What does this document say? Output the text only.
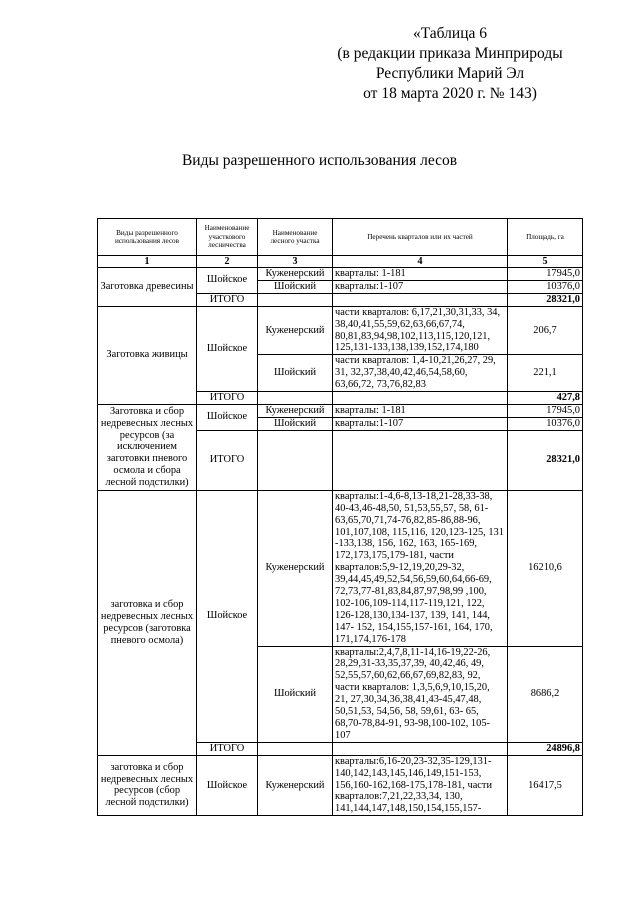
«Таблица 6
(в редакции приказа Минприроды
Республики Марий Эл
от 18 марта 2020 г. № 143)
Виды разрешенного использования лесов
Виды разрешенного использования лесов	Наименование участкового лесничества	Наименование лесного участка	Перечень кварталов или их частей	Площадь, га
1	2	3	4	5
Заготовка древесины	Шойское	Куженерский	кварталы: 1-181	17945,0
		Шойский	кварталы:1-107	10376,0
	ИТОГО			28321,0
Заготовка живицы	Шойское	Куженерский	части кварталов: 6,17,21,30,31,33, 34, 38,40,41,55,59,62,63,66,67,74, 80,81,83,94,98,102,113,115,120,121, 125,131-133,138,139,152,174,180	206,7
		Шойский	части кварталов: 1,4-10,21,26,27, 29, 31, 32,37,38,40,42,46,54,58,60, 63,66,72, 73,76,82,83	221,1
	ИТОГО			427,8
Заготовка и сбор недревесных лесных ресурсов (за исключением заготовки пневого осмола и сбора лесной подстилки)	Шойское	Куженерский	кварталы: 1-181	17945,0
		Шойский	кварталы:1-107	10376,0
	ИТОГО			28321,0
заготовка и сбор недревесных лесных ресурсов (заготовка пневого осмола)	Шойское	Куженерский	кварталы:1-4,6-8,13-18,21-28,33-38, 40-43,46-48,50, 51,53,55,57, 58, 61-63,65,70,71,74-76,82,85-86,88-96, 101,107,108, 115,116, 120,123-125, 131 -133,138, 156, 162, 163, 165-169, 172,173,175,179-181, части кварталов:5,9-12,19,20,29-32, 39,44,45,49,52,54,56,59,60,64,66-69, 72,73,77-81,83,84,87,97,98,99 ,100, 102-106,109-114,117-119,121, 122, 126-128,130,134-137, 139, 141, 144, 147- 152, 154,155,157-161, 164, 170, 171,174,176-178	16210,6
		Шойский	кварталы:2,4,7,8,11-14,16-19,22-26, 28,29,31-33,35,37,39, 40,42,46, 49, 52,55,57,60,62,66,67,69,82,83, 92, части кварталов: 1,3,5,6,9,10,15,20, 21, 27,30,34,36,38,41,43-45,47,48, 50,51,53, 54,56, 58, 59,61, 63- 65, 68,70-78,84-91, 93-98,100-102, 105-107	8686,2
	ИТОГО			24896,8
заготовка и сбор недревесных лесных ресурсов (сбор лесной подстилки)	Шойское	Куженерский	кварталы:6,16-20,23-32,35-129,131-140,142,143,145,146,149,151-153, 156,160-162,168-175,178-181, части кварталов:7,21,22,33,34, 130, 141,144,147,148,150,154,155,157-	16417,5
